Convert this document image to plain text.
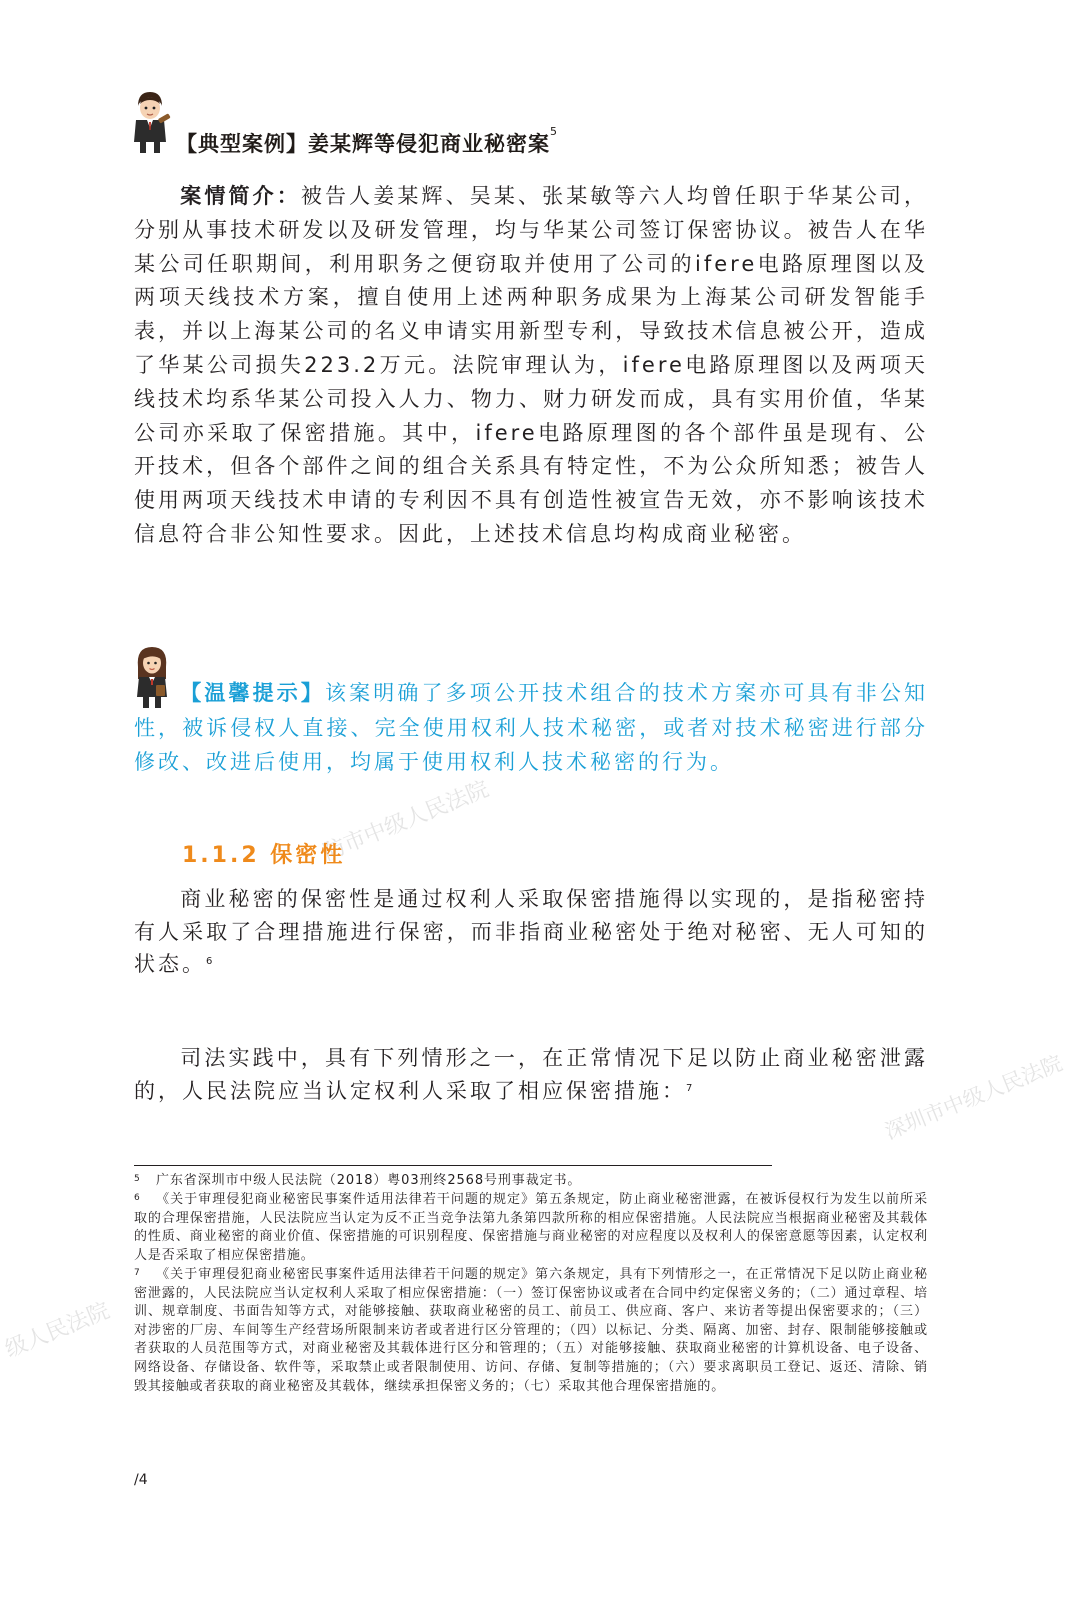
防市中级人民法院
深圳市中级人民法院
级人民法院
【典型案例】姜某辉等侵犯商业秘密案$^5$

案情简介：被告人姜某辉、吴某、张某敏等六人均曾任职于华某公司，分别从事技术研发以及研发管理，均与华某公司签订保密协议。被告人在华某公司任职期间，利用职务之便窃取并使用了公司的ifere电路原理图以及两项天线技术方案，擅自使用上述两种职务成果为上海某公司研发智能手表，并以上海某公司的名义申请实用新型专利，导致技术信息被公开，造成了华某公司损失223.2万元。法院审理认为，ifere电路原理图以及两项天线技术均系华某公司投入人力、物力、财力研发而成，具有实用价值，华某公司亦采取了保密措施。其中，ifere电路原理图的各个部件虽是现有、公开技术，但各个部件之间的组合关系具有特定性，不为公众所知悉；被告人使用两项天线技术申请的专利因不具有创造性被宣告无效，亦不影响该技术信息符合非公知性要求。因此，上述技术信息均构成商业秘密。

【温馨提示】该案明确了多项公开技术组合的技术方案亦可具有非公知性，被诉侵权人直接、完全使用权利人技术秘密，或者对技术秘密进行部分修改、改进后使用，均属于使用权利人技术秘密的行为。

1.1.2 保密性

商业秘密的保密性是通过权利人采取保密措施得以实现的，是指秘密持有人采取了合理措施进行保密，而非指商业秘密处于绝对秘密、无人可知的状态。$^6$

司法实践中，具有下列情形之一，在正常情况下足以防止商业秘密泄露的，人民法院应当认定权利人采取了相应保密措施：$^7$

5 广东省深圳市中级人民法院（2018）粤03刑终2568号刑事裁定书。

6 《关于审理侵犯商业秘密民事案件适用法律若干问题的规定》第五条规定，防止商业秘密泄露，在被诉侵权行为发生以前所采取的合理保密措施，人民法院应当认定为反不正当竞争法第九条第四款所称的相应保密措施。人民法院应当根据商业秘密及其载体的性质、商业秘密的商业价值、保密措施的可识别程度、保密措施与商业秘密的对应程度以及权利人的保密意愿等因素，认定权利人是否采取了相应保密措施。

7 《关于审理侵犯商业秘密民事案件适用法律若干问题的规定》第六条规定，具有下列情形之一，在正常情况下足以防止商业秘密泄露的，人民法院应当认定权利人采取了相应保密措施：（一）签订保密协议或者在合同中约定保密义务的；（二）通过章程、培训、规章制度、书面告知等方式，对能够接触、获取商业秘密的员工、前员工、供应商、客户、来访者等提出保密要求的；（三）对涉密的厂房、车间等生产经营场所限制来访者或者进行区分管理的；（四）以标记、分类、隔离、加密、封存、限制能够接触或者获取的人员范围等方式，对商业秘密及其载体进行区分和管理的；（五）对能够接触、获取商业秘密的计算机设备、电子设备、网络设备、存储设备、软件等，采取禁止或者限制使用、访问、存储、复制等措施的；（六）要求离职员工登记、返还、清除、销毁其接触或者获取的商业秘密及其载体，继续承担保密义务的；（七）采取其他合理保密措施的。

/4
